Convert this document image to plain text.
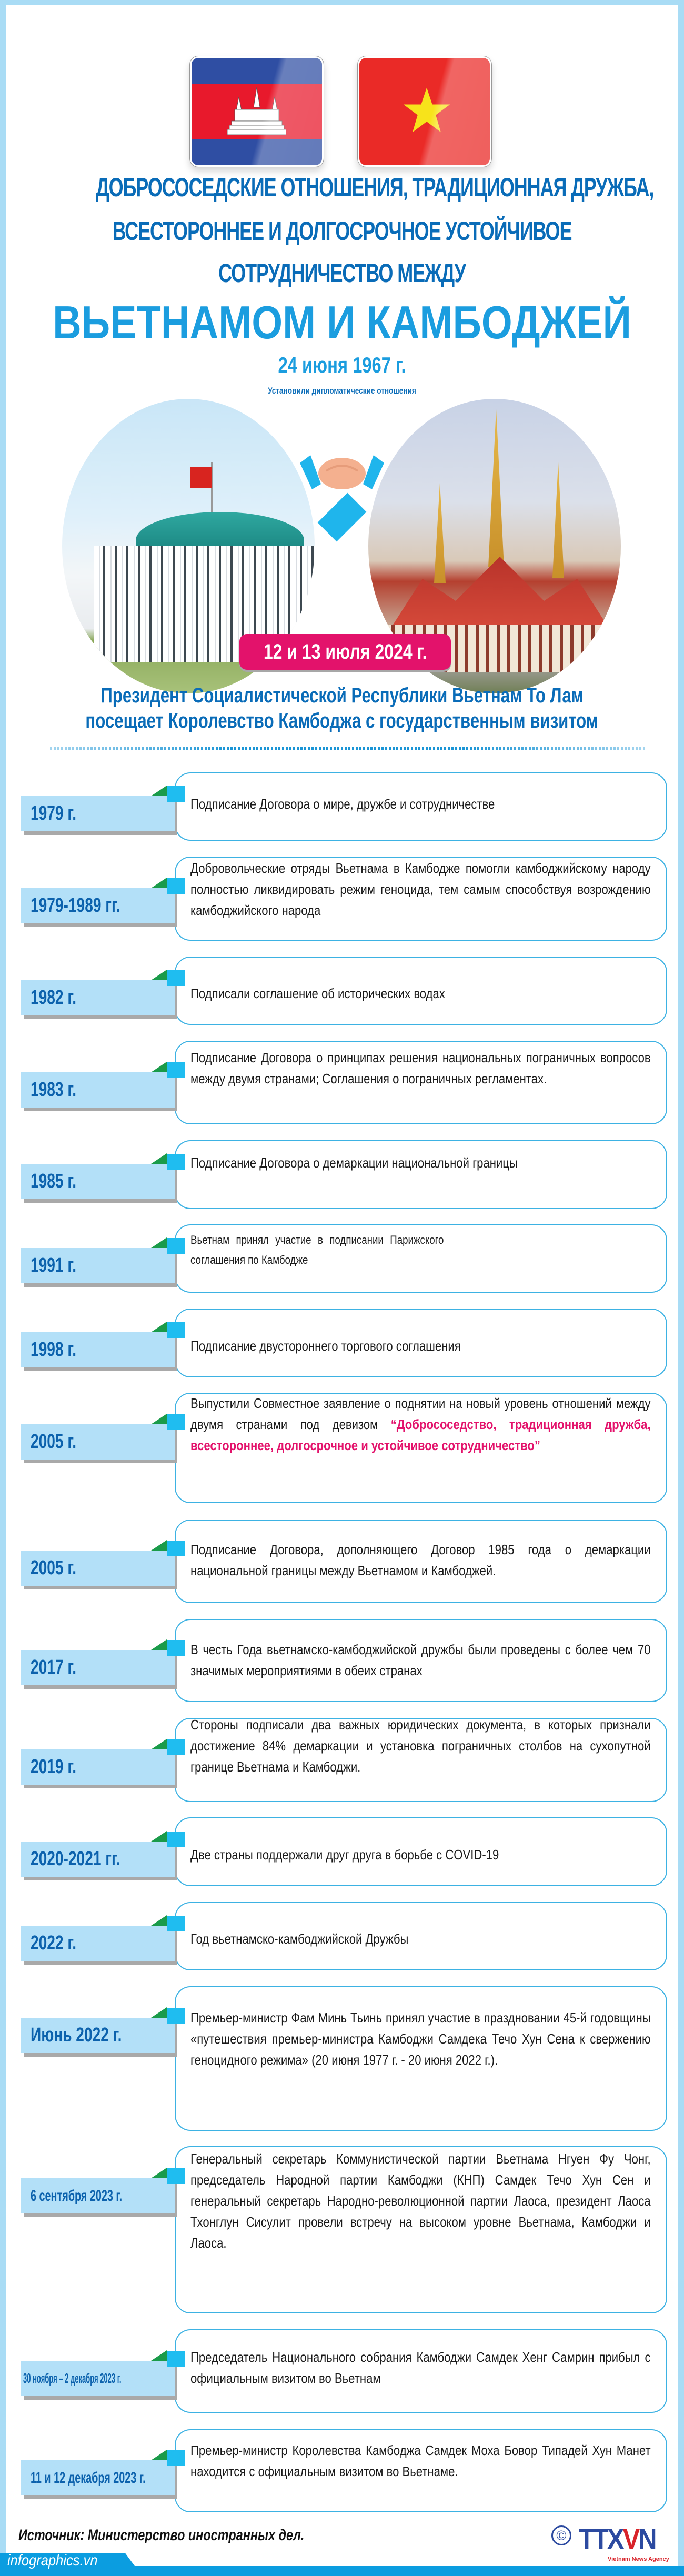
ДОБРОСОСЕДСКИЕ ОТНОШЕНИЯ, ТРАДИЦИОННАЯ ДРУЖБА,
ВСЕСТОРОННЕЕ И ДОЛГОСРОЧНОЕ УСТОЙЧИВОЕ
СОТРУДНИЧЕСТВО МЕЖДУ
ВЬЕТНАМОМ И КАМБОДЖЕЙ
24 июня 1967 г.
Установили дипломатические отношения
12 и 13 июля 2024 г.
Президент Социалистической Республики Вьетнам То Лам
посещает Королевство Камбоджа с государственным визитом
Подписание Договора о мире, дружбе и сотрудничестве
1979 г.
Добровольческие отряды Вьетнама в Камбодже помогли камбоджийскому народу полностью ликвидировать режим геноцида, тем самым способствуя возрождению камбоджийского народа
1979-1989 гг.
Подписали соглашение об исторических водах
1982 г.
Подписание Договора о принципах решения национальных пограничных вопросов между двумя странами; Соглашения о пограничных регламентах.
1983 г.
Подписание Договора о демаркации национальной границы
1985 г.
Вьетнам принял участие в подписании Парижского соглашения по Камбодже
1991 г.
Подписание двустороннего торгового соглашения
1998 г.
Выпустили Совместное заявление о поднятии на новый уровень отношений между двумя странами под девизом “Добрососедство, традиционная дружба, всестороннее, долгосрочное и устойчивое сотрудничество”
2005 г.
Подписание Договора, дополняющего Договор 1985 года о демаркации национальной границы между Вьетнамом и Камбоджей.
2005 г.
В честь Года вьетнамско-камбоджийской дружбы были проведены с более чем 70 значимых мероприятиями в обеих странах
2017 г.
Стороны подписали два важных юридических документа, в которых признали достижение 84% демаркации и установка пограничных столбов на сухопутной границе Вьетнама и Камбоджи.
2019 г.
Две страны поддержали друг друга в борьбе с COVID-19
2020-2021 гг.
Год вьетнамско-камбоджийской Дружбы
2022 г.
Премьер-министр Фам Минь Тьинь принял участие в праздновании 45-й годовщины «путешествия премьер-министра Камбоджи Самдека Течо Хун Сена к свержению геноцидного режима» (20 июня 1977 г. - 20 июня 2022 г.).
Июнь 2022 г.
Генеральный секретарь Коммунистической партии Вьетнама Нгуен Фу Чонг, председатель Народной партии Камбоджи (КНП) Самдек Течо Хун Сен и генеральный секретарь Народно-революционной партии Лаоса, президент Лаоса Тхонглун Сисулит провели встречу на высоком уровне Вьетнама, Камбоджи и Лаоса.
6 сентября 2023 г.
Председатель Национального собрания Камбоджи Самдек Хенг Самрин прибыл с официальным визитом во Вьетнам
30 ноября – 2 декабря 2023 г.
Премьер-министр Королевства Камбоджа Самдек Моха Бовор Типадей Хун Манет находится с официальным визитом во Вьетнаме.
11 и 12 декабря 2023 г.
Источник: Министерство иностранных дел.	© TTXVN
Vietnam News Agency
infographics.vn
